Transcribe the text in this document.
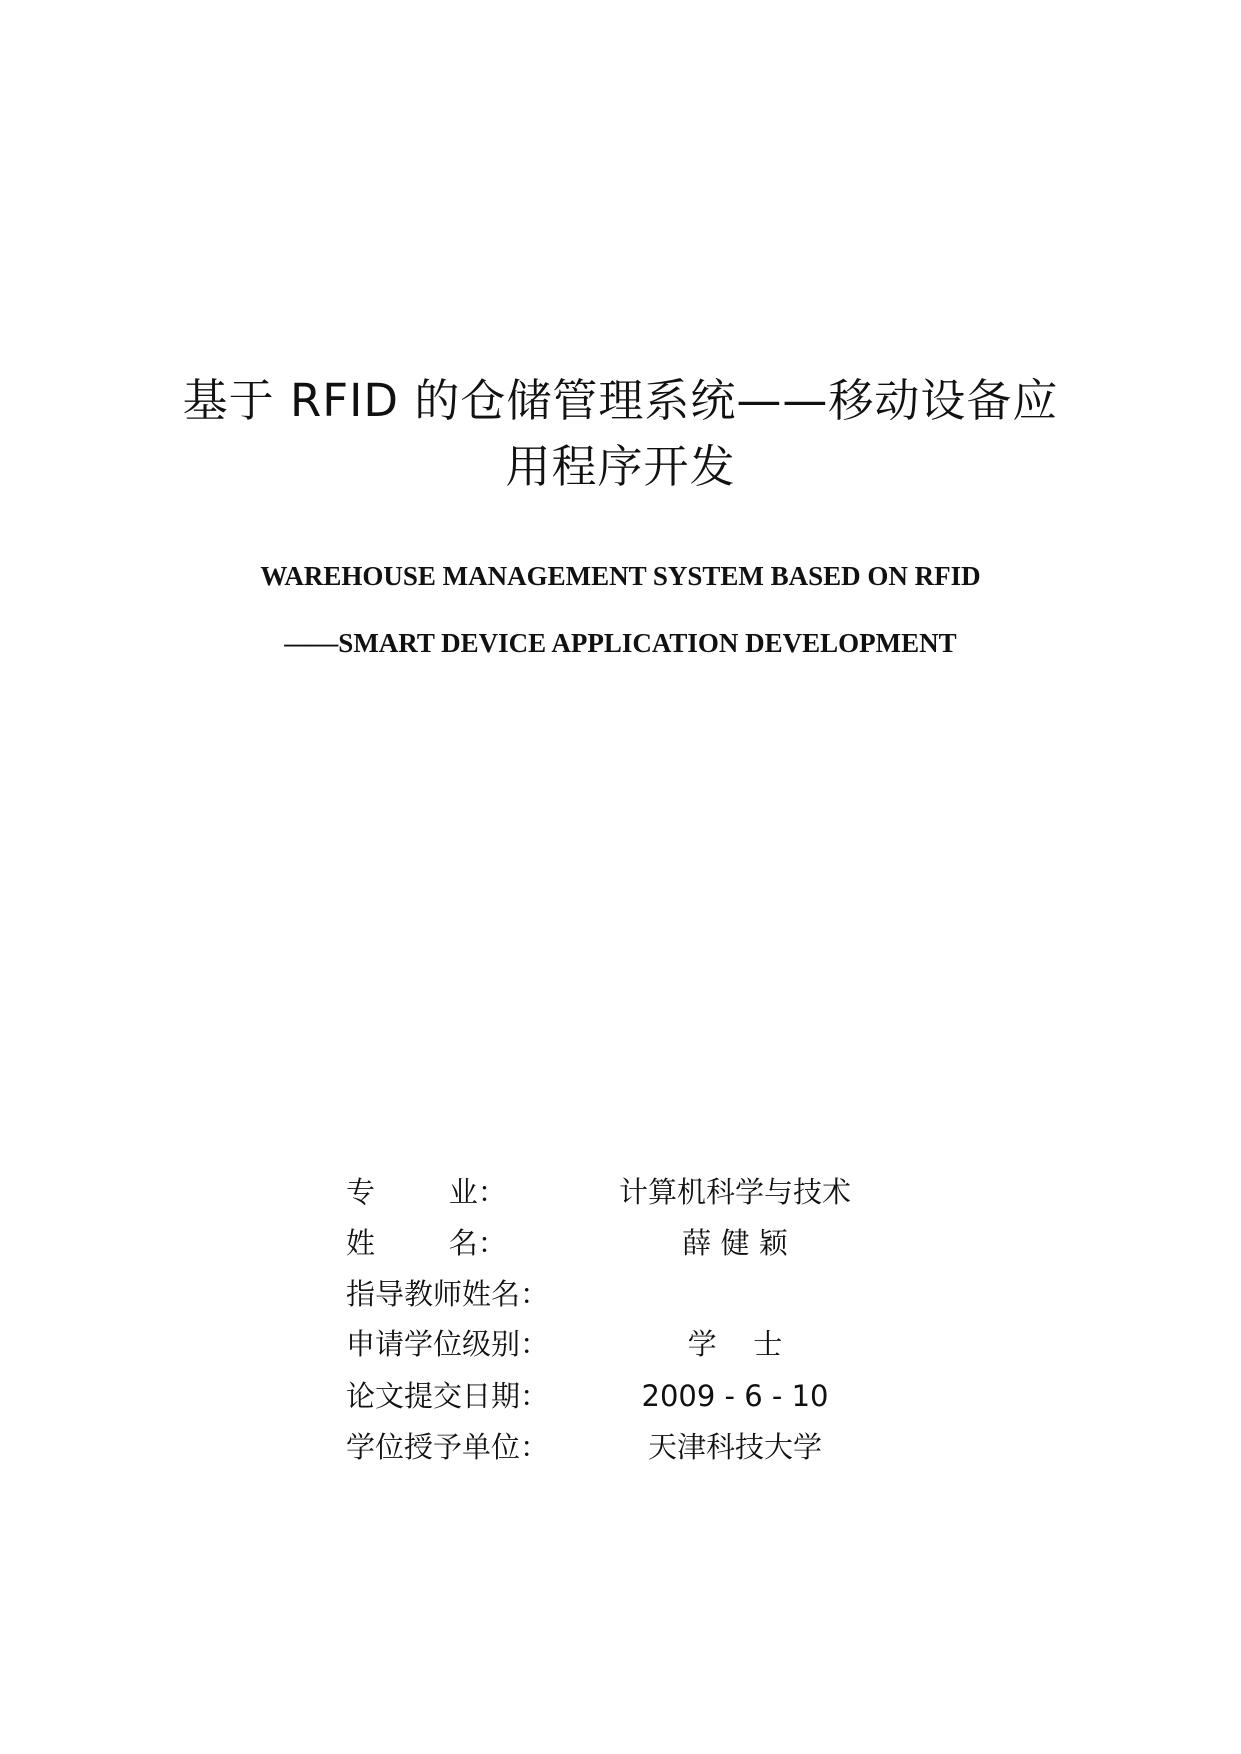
基于 RFID 的仓储管理系统——移动设备应
用程序开发
WAREHOUSE MANAGEMENT SYSTEM BASED ON RFID
——SMART DEVICE APPLICATION DEVELOPMENT
专        业：	计算机科学与技术
姓        名：	薛 健 颖
指导教师姓名：
申请学位级别：	学    士
论文提交日期：	2009 - 6 - 10
学位授予单位：	天津科技大学
